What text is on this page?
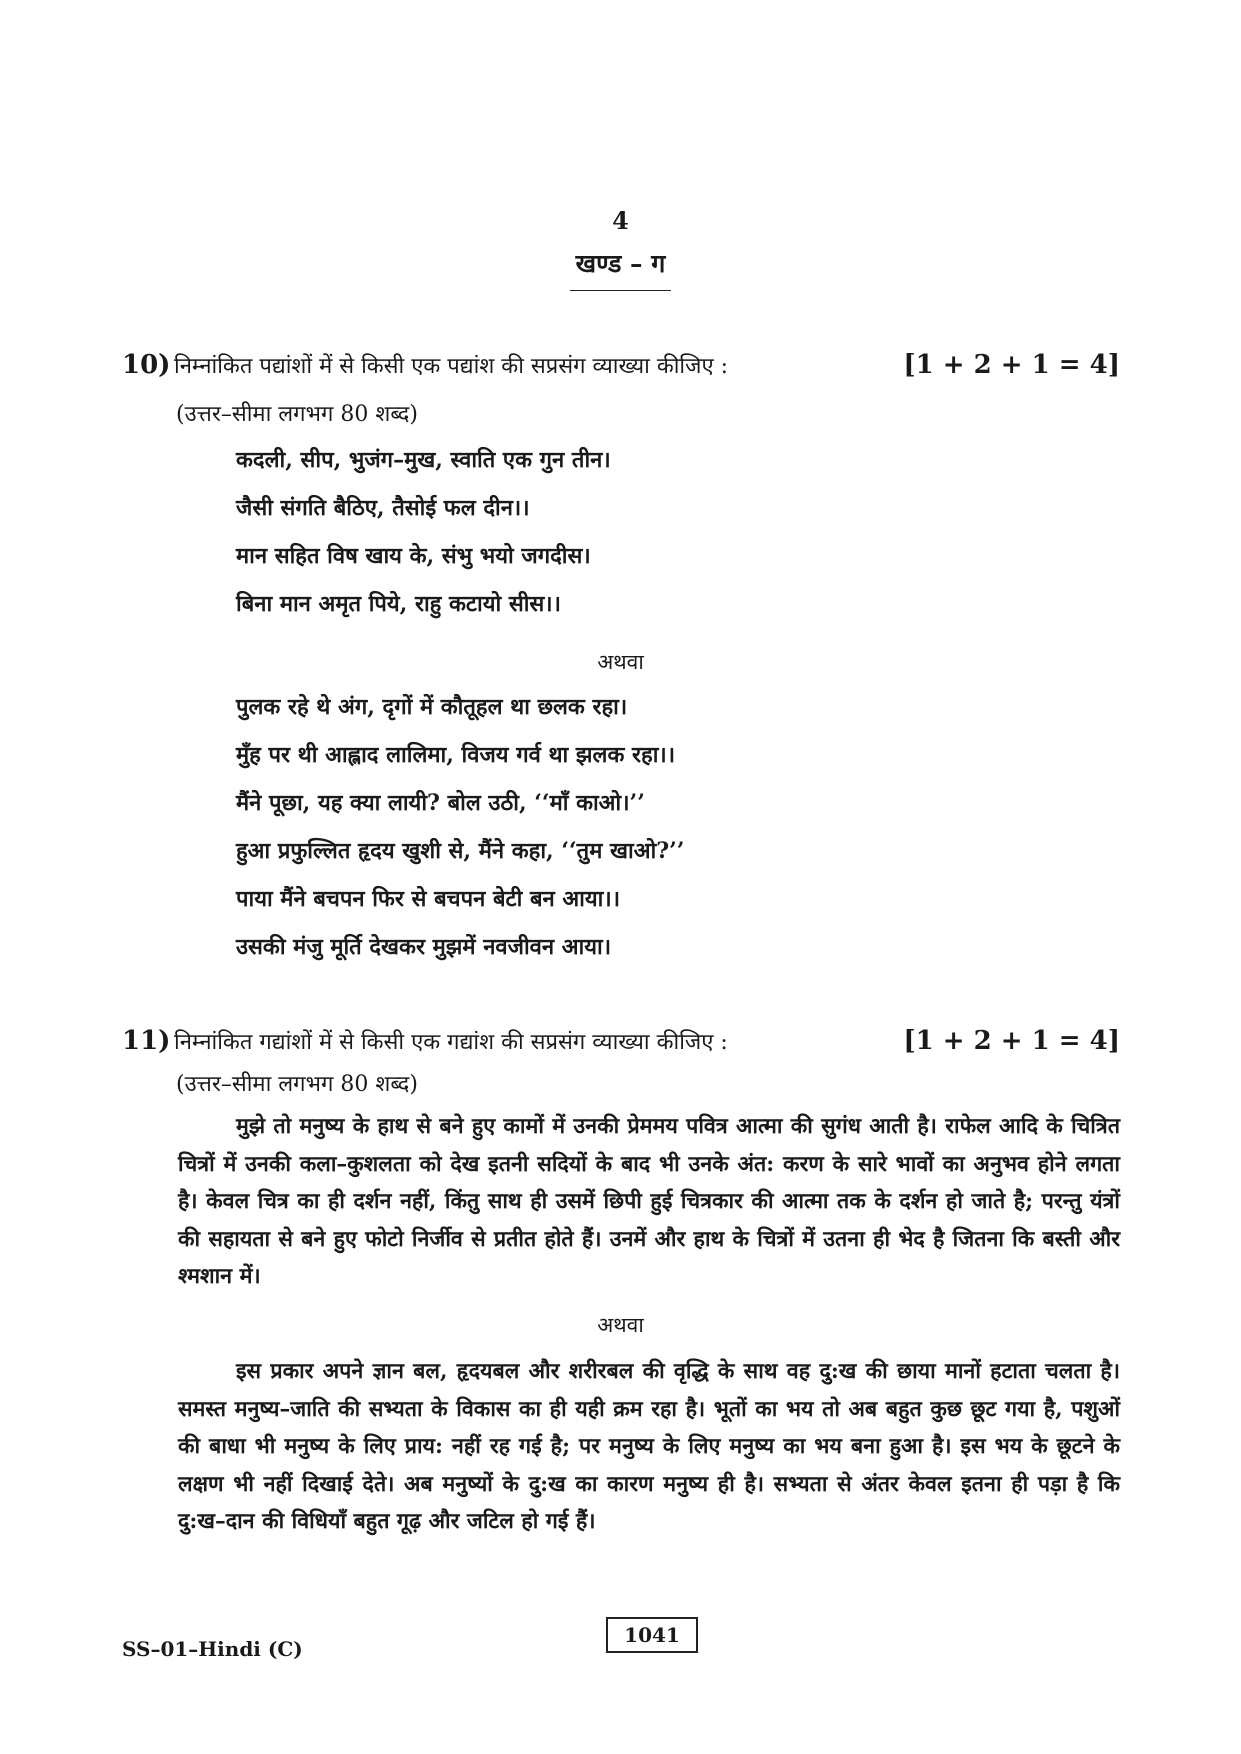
4
खण्ड – ग
10) निम्नांकित पद्यांशों में से किसी एक पद्यांश की सप्रसंग व्याख्या कीजिए :	[1 + 2 + 1 = 4]
(उत्तर–सीमा लगभग 80 शब्द)
कदली, सीप, भुजंग–मुख, स्वाति एक गुन तीन।
जैसी संगति बैठिए, तैसोई फल दीन।।
मान सहित विष खाय के, संभु भयो जगदीस।
बिना मान अमृत पिये, राहु कटायो सीस।।
अथवा
पुलक रहे थे अंग, दृगों में कौतूहल था छलक रहा।
मुँह पर थी आह्लाद लालिमा, विजय गर्व था झलक रहा।।
मैंने पूछा, यह क्या लायी? बोल उठी, ‘‘माँ काओ।’’
हुआ प्रफुल्लित हृदय खुशी से, मैंने कहा, ‘‘तुम खाओ?’’
पाया मैंने बचपन फिर से बचपन बेटी बन आया।।
उसकी मंजु मूर्ति देखकर मुझमें नवजीवन आया।
11) निम्नांकित गद्यांशों में से किसी एक गद्यांश की सप्रसंग व्याख्या कीजिए :	[1 + 2 + 1 = 4]
(उत्तर–सीमा लगभग 80 शब्द)

मुझे तो मनुष्य के हाथ से बने हुए कामों में उनकी प्रेममय पवित्र आत्मा की सुगंध आती है। राफेल आदि के चित्रित चित्रों में उनकी कला–कुशलता को देख इतनी सदियों के बाद भी उनके अंत: करण के सारे भावों का अनुभव होने लगता है। केवल चित्र का ही दर्शन नहीं, किंतु साथ ही उसमें छिपी हुई चित्रकार की आत्मा तक के दर्शन हो जाते है; परन्तु यंत्रों की सहायता से बने हुए फोटो निर्जीव से प्रतीत होते हैं। उनमें और हाथ के चित्रों में उतना ही भेद है जितना कि बस्ती और श्मशान में।

अथवा

इस प्रकार अपने ज्ञान बल, हृदयबल और शरीरबल की वृद्धि के साथ वह दु:ख की छाया मानों हटाता चलता है। समस्त मनुष्य–जाति की सभ्यता के विकास का ही यही क्रम रहा है। भूतों का भय तो अब बहुत कुछ छूट गया है, पशुओं की बाधा भी मनुष्य के लिए प्राय: नहीं रह गई है; पर मनुष्य के लिए मनुष्य का भय बना हुआ है। इस भय के छूटने के लक्षण भी नहीं दिखाई देते। अब मनुष्यों के दु:ख का कारण मनुष्य ही है। सभ्यता से अंतर केवल इतना ही पड़ा है कि दु:ख–दान की विधियाँ बहुत गूढ़ और जटिल हो गई हैं।

SS–01–Hindi (C)
1041
